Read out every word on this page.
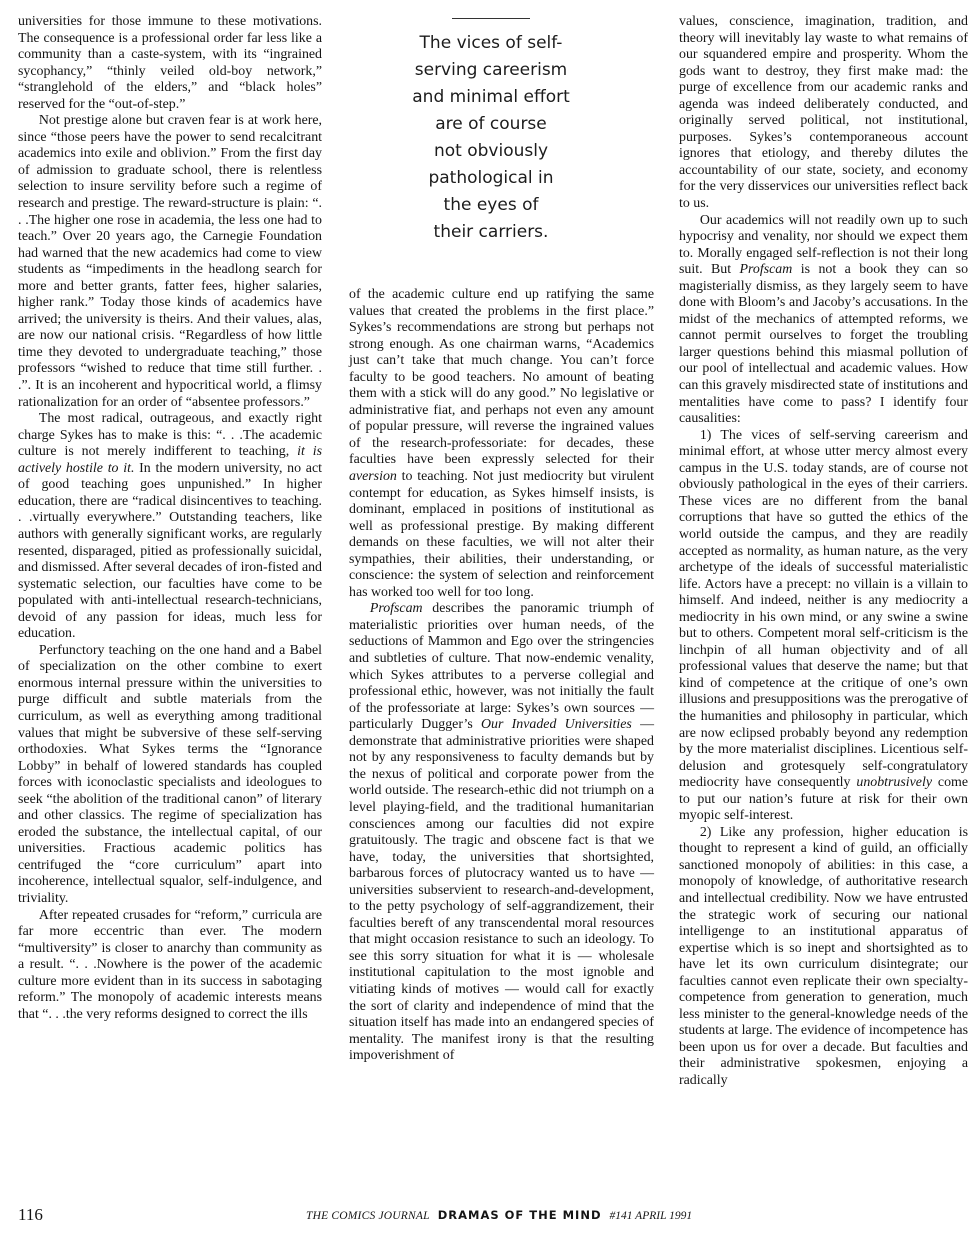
universities for those immune to these motivations. The consequence is a professional order far less like a community than a caste-system, with its “ingrained sycophancy,” “thinly veiled old-boy network,” “stranglehold of the elders,” and “black holes” reserved for the “out-of-step.”

Not prestige alone but craven fear is at work here, since “those peers have the power to send recalcitrant academics into exile and oblivion.” From the first day of admission to graduate school, there is relentless selection to insure servility before such a regime of research and prestige. The reward-structure is plain: “. . .The higher one rose in academia, the less one had to teach.” Over 20 years ago, the Carnegie Foundation had warned that the new academics had come to view students as “impediments in the headlong search for more and better grants, fatter fees, higher salaries, higher rank.” Today those kinds of academics have arrived; the university is theirs. And their values, alas, are now our national crisis. “Regardless of how little time they devoted to undergraduate teaching,” those professors “wished to reduce that time still further. . .”. It is an incoherent and hypocritical world, a flimsy rationalization for an order of “absentee professors.”

The most radical, outrageous, and exactly right charge Sykes has to make is this: “. . .The academic culture is not merely indifferent to teaching, it is actively hostile to it. In the modern university, no act of good teaching goes unpunished.” In higher education, there are “radical disincentives to teaching. . .virtually everywhere.” Outstanding teachers, like authors with generally significant works, are regularly resented, disparaged, pitied as professionally suicidal, and dismissed. After several decades of iron-fisted and systematic selection, our faculties have come to be populated with anti-intellectual research-technicians, devoid of any passion for ideas, much less for education.

Perfunctory teaching on the one hand and a Babel of specialization on the other combine to exert enormous internal pressure within the universities to purge difficult and subtle materials from the curriculum, as well as everything among traditional values that might be subversive of these self-serving orthodoxies. What Sykes terms the “Ignorance Lobby” in behalf of lowered standards has coupled forces with iconoclastic specialists and ideologues to seek “the abolition of the traditional canon” of literary and other classics. The regime of specialization has eroded the substance, the intellectual capital, of our universities. Fractious academic politics has centrifuged the “core curriculum” apart into incoherence, intellectual squalor, self-indulgence, and triviality.

After repeated crusades for “reform,” curricula are far more eccentric than ever. The modern “multiversity” is closer to anarchy than community as a result. “. . .Nowhere is the power of the academic culture more evident than in its success in sabotaging reform.” The monopoly of academic interests means that “. . .the very reforms designed to correct the ills

The vices of self-
serving careerism
and minimal effort
are of course
not obviously
pathological in
the eyes of
their carriers.

of the academic culture end up ratifying the same values that created the problems in the first place.” Sykes’s recommendations are strong but perhaps not strong enough. As one chairman warns, “Academics just can’t take that much change. You can’t force faculty to be good teachers. No amount of beating them with a stick will do any good.” No legislative or administrative fiat, and perhaps not even any amount of popular pressure, will reverse the ingrained values of the research-professoriate: for decades, these faculties have been expressly selected for their aversion to teaching. Not just mediocrity but virulent contempt for education, as Sykes himself insists, is dominant, emplaced in positions of institutional as well as professional prestige. By making different demands on these faculties, we will not alter their sympathies, their abilities, their understanding, or conscience: the system of selection and reinforcement has worked too well for too long.

Profscam describes the panoramic triumph of materialistic priorities over human needs, of the seductions of Mammon and Ego over the stringencies and subtleties of culture. That now-endemic venality, which Sykes attributes to a perverse collegial and professional ethic, however, was not initially the fault of the professoriate at large: Sykes’s own sources — particularly Dugger’s Our Invaded Universities — demonstrate that administrative priorities were shaped not by any responsiveness to faculty demands but by the nexus of political and corporate power from the world outside. The research-ethic did not triumph on a level playing-field, and the traditional humanitarian consciences among our faculties did not expire gratuitously. The tragic and obscene fact is that we have, today, the universities that shortsighted, barbarous forces of plutocracy wanted us to have — universities subservient to research-and-development, to the petty psychology of self-aggrandizement, their faculties bereft of any transcendental moral resources that might occasion resistance to such an ideology. To see this sorry situation for what it is — wholesale institutional capitulation to the most ignoble and vitiating kinds of motives — would call for exactly the sort of clarity and independence of mind that the situation itself has made into an endangered species of mentality. The manifest irony is that the resulting impoverishment of

values, conscience, imagination, tradition, and theory will inevitably lay waste to what remains of our squandered empire and prosperity. Whom the gods want to destroy, they first make mad: the purge of excellence from our academic ranks and agenda was indeed deliberately conducted, and originally served political, not institutional, purposes. Sykes’s contemporaneous account ignores that etiology, and thereby dilutes the accountability of our state, society, and economy for the very disservices our universities reflect back to us.

Our academics will not readily own up to such hypocrisy and venality, nor should we expect them to. Morally engaged self-reflection is not their long suit. But Profscam is not a book they can so magisterially dismiss, as they largely seem to have done with Bloom’s and Jacoby’s accusations. In the midst of the mechanics of attempted reforms, we cannot permit ourselves to forget the troubling larger questions behind this miasmal pollution of our pool of intellectual and academic values. How can this gravely misdirected state of institutions and mentalities have come to pass? I identify four causalities:

1) The vices of self-serving careerism and minimal effort, at whose utter mercy almost every campus in the U.S. today stands, are of course not obviously pathological in the eyes of their carriers. These vices are no different from the banal corruptions that have so gutted the ethics of the world outside the campus, and they are readily accepted as normality, as human nature, as the very archetype of the ideals of successful materialistic life. Actors have a precept: no villain is a villain to himself. And indeed, neither is any mediocrity a mediocrity in his own mind, or any swine a swine but to others. Competent moral self-criticism is the linchpin of all human objectivity and of all professional values that deserve the name; but that kind of competence at the critique of one’s own illusions and presuppositions was the prerogative of the humanities and philosophy in particular, which are now eclipsed probably beyond any redemption by the more materialist disciplines. Licentious self-delusion and grotesquely self-congratulatory mediocrity have consequently unobtrusively come to put our nation’s future at risk for their own myopic self-interest.

2) Like any profession, higher education is thought to represent a kind of guild, an officially sanctioned monopoly of abilities: in this case, a monopoly of knowledge, of authoritative research and intellectual credibility. Now we have entrusted the strategic work of securing our national intelligenge to an institutional apparatus of expertise which is so inept and shortsighted as to have let its own curriculum disintegrate; our faculties cannot even replicate their own specialty-competence from generation to generation, much less minister to the general-knowledge needs of the students at large. The evidence of incompetence has been upon us for over a decade. But faculties and their administrative spokesmen, enjoying a radically

116	THE COMICS JOURNAL DRAMAS OF THE MIND #141 APRIL 1991
